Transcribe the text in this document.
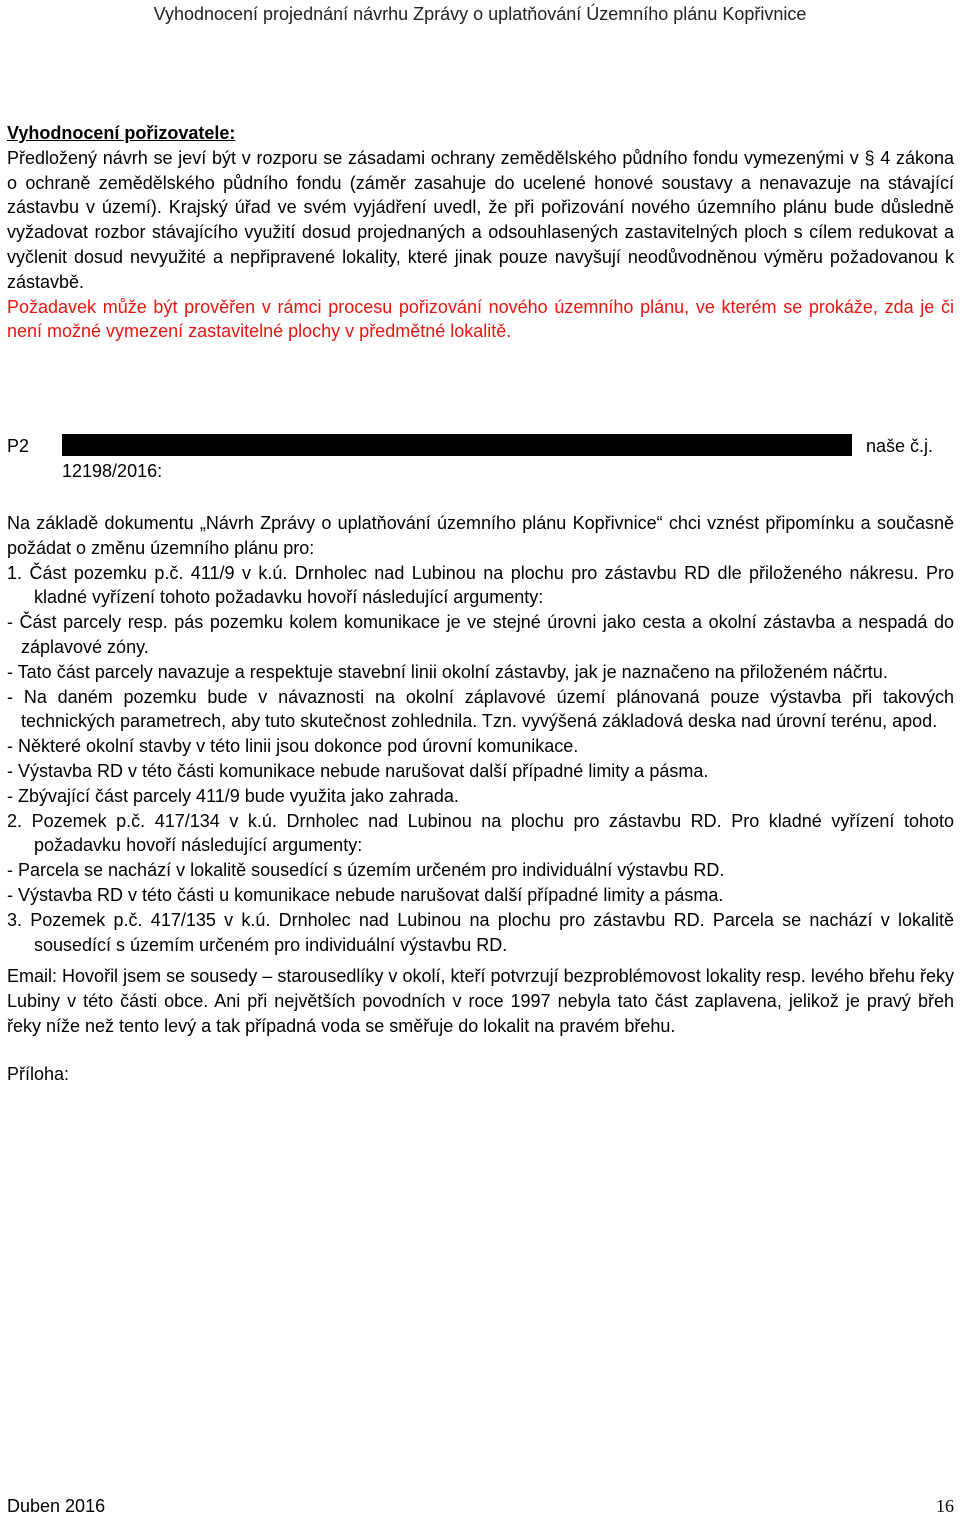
Vyhodnocení projednání návrhu Zprávy o uplatňování Územního plánu Kopřivnice

Vyhodnocení pořizovatele:

Předložený návrh se jeví být v rozporu se zásadami ochrany zemědělského půdního fondu vymezenými v § 4 zákona o ochraně zemědělského půdního fondu (záměr zasahuje do ucelené honové soustavy a nenavazuje na stávající zástavbu v území). Krajský úřad ve svém vyjádření uvedl, že při pořizování nového územního plánu bude důsledně vyžadovat rozbor stávajícího využití dosud projednaných a odsouhlasených zastavitelných ploch s cílem redukovat a vyčlenit dosud nevyužité a nepřipravené lokality, které jinak pouze navyšují neodůvodněnou výměru požadovanou k zástavbě.

Požadavek může být prověřen v rámci procesu pořizování nového územního plánu, ve kterém se prokáže, zda je či není možné vymezení zastavitelné plochy v předmětné lokalitě.

P2	naše č.j.
12198/2016:

Na základě dokumentu „Návrh Zprávy o uplatňování územního plánu Kopřivnice“ chci vznést připomínku a současně požádat o změnu územního plánu pro:

1. Část pozemku p.č. 411/9 v k.ú. Drnholec nad Lubinou na plochu pro zástavbu RD dle přiloženého nákresu. Pro kladné vyřízení tohoto požadavku hovoří následující argumenty:

- Část parcely resp. pás pozemku kolem komunikace je ve stejné úrovni jako cesta a okolní zástavba a nespadá do záplavové zóny.

- Tato část parcely navazuje a respektuje stavební linii okolní zástavby, jak je naznačeno na přiloženém náčrtu.

- Na daném pozemku bude v návaznosti na okolní záplavové území plánovaná pouze výstavba při takových technických parametrech, aby tuto skutečnost zohlednila. Tzn. vyvýšená základová deska nad úrovní terénu, apod.

- Některé okolní stavby v této linii jsou dokonce pod úrovní komunikace.

- Výstavba RD v této části komunikace nebude narušovat další případné limity a pásma.

- Zbývající část parcely 411/9 bude využita jako zahrada.

2. Pozemek p.č. 417/134 v k.ú. Drnholec nad Lubinou na plochu pro zástavbu RD. Pro kladné vyřízení tohoto požadavku hovoří následující argumenty:

- Parcela se nachází v lokalitě sousedící s územím určeném pro individuální výstavbu RD.

- Výstavba RD v této části u komunikace nebude narušovat další případné limity a pásma.

3. Pozemek p.č. 417/135 v k.ú. Drnholec nad Lubinou na plochu pro zástavbu RD. Parcela se nachází v lokalitě sousedící s územím určeném pro individuální výstavbu RD.

Email: Hovořil jsem se sousedy – starousedlíky v okolí, kteří potvrzují bezproblémovost lokality resp. levého břehu řeky Lubiny v této části obce. Ani při největších povodních v roce 1997 nebyla tato část zaplavena, jelikož je pravý břeh řeky níže než tento levý a tak případná voda se směřuje do lokalit na pravém břehu.

Příloha:

Duben 2016	16
